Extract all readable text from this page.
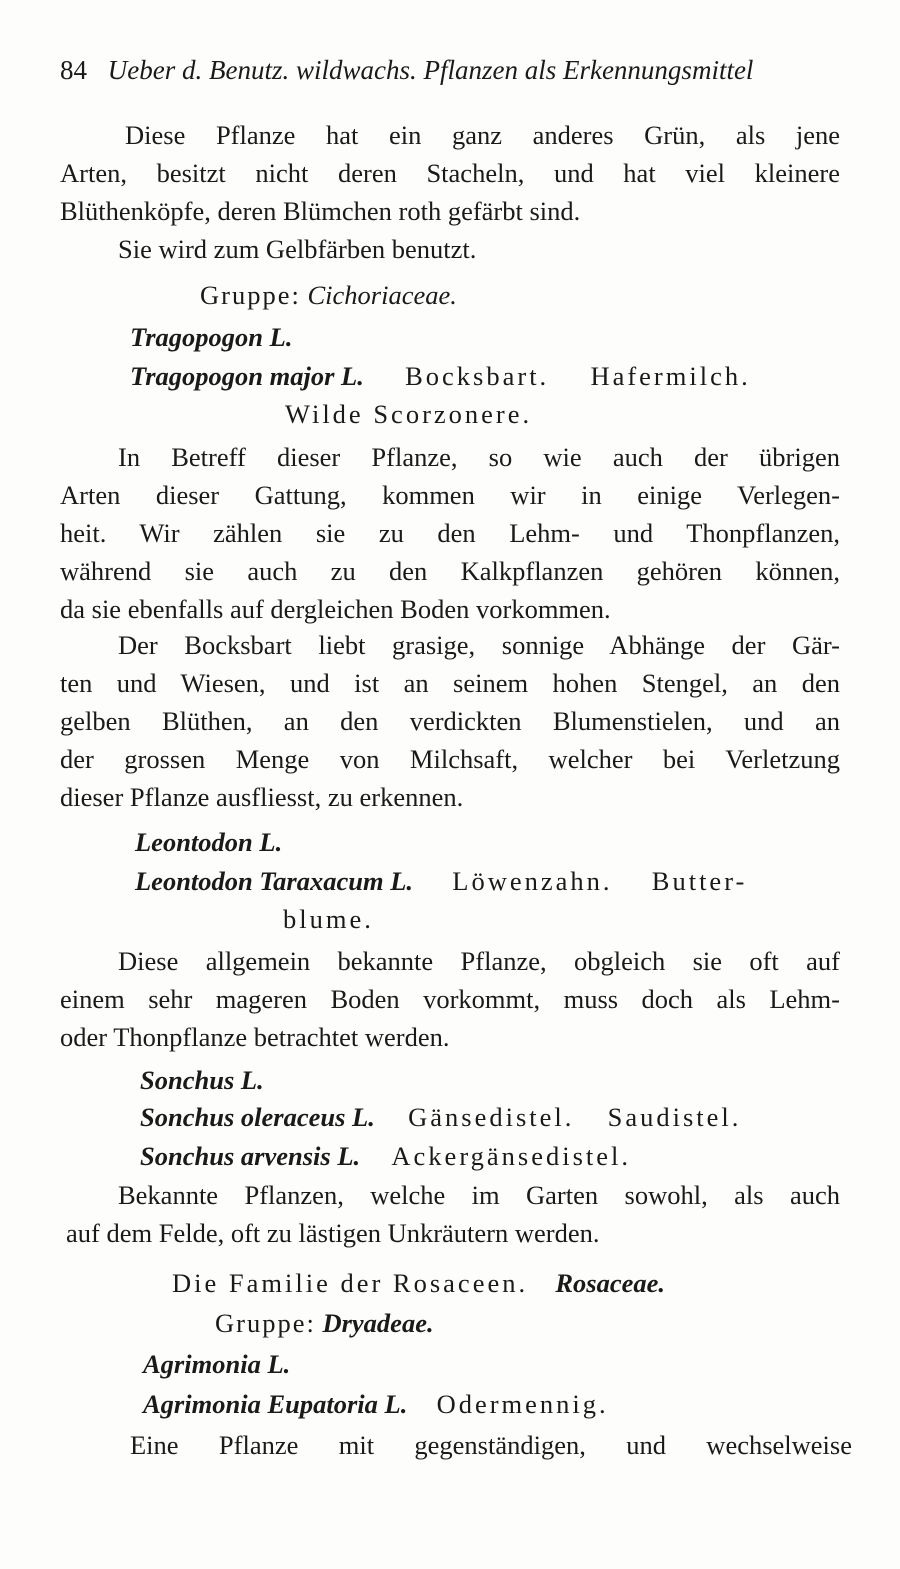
84 Ueber d. Benutz. wildwachs. Pflanzen als Erkennungsmittel
Diese Pflanze hat ein ganz anderes Grün, als jene
Arten, besitzt nicht deren Stacheln, und hat viel kleinere
Blüthenköpfe, deren Blümchen roth gefärbt sind.
Sie wird zum Gelbfärben benutzt.
Gruppe: Cichoriaceae.
Tragopogon L.
Tragopogon major L. Bocksbart. Hafermilch.
Wilde Scorzonere.
In Betreff dieser Pflanze, so wie auch der übrigen
Arten dieser Gattung, kommen wir in einige Verlegen-
heit. Wir zählen sie zu den Lehm- und Thonpflanzen,
während sie auch zu den Kalkpflanzen gehören können,
da sie ebenfalls auf dergleichen Boden vorkommen.
Der Bocksbart liebt grasige, sonnige Abhänge der Gär-
ten und Wiesen, und ist an seinem hohen Stengel, an den
gelben Blüthen, an den verdickten Blumenstielen, und an
der grossen Menge von Milchsaft, welcher bei Verletzung
dieser Pflanze ausfliesst, zu erkennen.
Leontodon L.
Leontodon Taraxacum L. Löwenzahn. Butter-
blume.
Diese allgemein bekannte Pflanze, obgleich sie oft auf
einem sehr mageren Boden vorkommt, muss doch als Lehm-
oder Thonpflanze betrachtet werden.
Sonchus L.
Sonchus oleraceus L. Gänsedistel. Saudistel.
Sonchus arvensis L. Ackergänsedistel.
Bekannte Pflanzen, welche im Garten sowohl, als auch
auf dem Felde, oft zu lästigen Unkräutern werden.
Die Familie der Rosaceen. Rosaceae.
Gruppe: Dryadeae.
Agrimonia L.
Agrimonia Eupatoria L. Odermennig.
Eine Pflanze mit gegenständigen, und wechselweise
